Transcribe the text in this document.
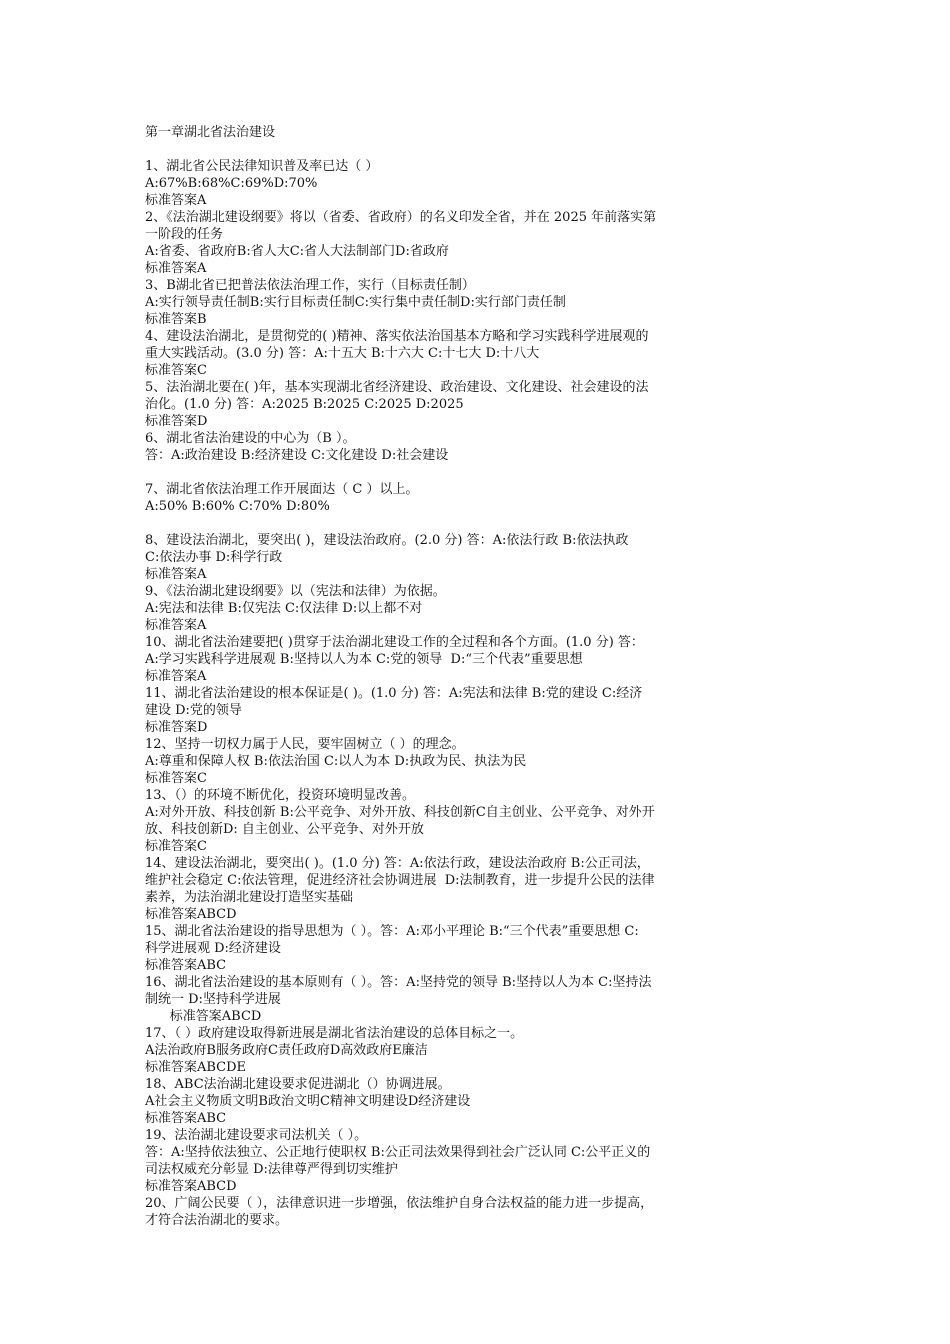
第一章湖北省法治建设
1、湖北省公民法律知识普及率已达（ ）
A:67%B:68%C:69%D:70%
标准答案A
2、《法治湖北建设纲要》将以（省委、省政府）的名义印发全省，并在 2025 年前落实第
一阶段的任务
A:省委、省政府B:省人大C:省人大法制部门D:省政府
标准答案A
3、B湖北省已把普法依法治理工作，实行（目标责任制）
A:实行领导责任制B:实行目标责任制C:实行集中责任制D:实行部门责任制
标准答案B
4、建设法治湖北，是贯彻党的( )精神、落实依法治国基本方略和学习实践科学进展观的
重大实践活动。(3.0 分) 答：A:十五大 B:十六大 C:十七大 D:十八大
标准答案C
5、法治湖北要在( )年，基本实现湖北省经济建设、政治建设、文化建设、社会建设的法
治化。(1.0 分) 答：A:2025 B:2025 C:2025 D:2025
标准答案D
6、湖北省法治建设的中心为（B ）。
答：A:政治建设 B:经济建设 C:文化建设 D:社会建设
7、湖北省依法治理工作开展面达（ C ）以上。
A:50% B:60% C:70% D:80%
8、建设法治湖北，要突出( )，建设法治政府。(2.0 分) 答：A:依法行政 B:依法执政
C:依法办事 D:科学行政
标准答案A
9、《法治湖北建设纲要》以（宪法和法律）为依据。
A:宪法和法律 B:仅宪法 C:仅法律 D:以上都不对
标准答案A
10、湖北省法治建要把( )贯穿于法治湖北建设工作的全过程和各个方面。(1.0 分) 答：
A:学习实践科学进展观 B:坚持以人为本 C:党的领导  D:“三个代表”重要思想
标准答案A
11、湖北省法治建设的根本保证是( )。(1.0 分) 答：A:宪法和法律 B:党的建设 C:经济
建设 D:党的领导
标准答案D
12、坚持一切权力属于人民，要牢固树立（ ）的理念。
A:尊重和保障人权 B:依法治国 C:以人为本 D:执政为民、执法为民
标准答案C
13、（）的环境不断优化，投资环境明显改善。
A:对外开放、科技创新 B:公平竞争、对外开放、科技创新C自主创业、公平竞争、对外开
放、科技创新D: 自主创业、公平竞争、对外开放
标准答案C
14、建设法治湖北，要突出( )。(1.0 分) 答：A:依法行政，建设法治政府 B:公正司法，
维护社会稳定 C:依法管理，促进经济社会协调进展  D:法制教育，进一步提升公民的法律
素养，为法治湖北建设打造坚实基础
标准答案ABCD
15、湖北省法治建设的指导思想为（ ）。答：A:邓小平理论 B:“三个代表”重要思想 C:
科学进展观 D:经济建设
标准答案ABC
16、湖北省法治建设的基本原则有（ ）。答：A:坚持党的领导 B:坚持以人为本 C:坚持法
制统一 D:坚持科学进展
标准答案ABCD
17、（ ）政府建设取得新进展是湖北省法治建设的总体目标之一。
A法治政府B服务政府C责任政府D高效政府E廉洁
标准答案ABCDE
18、ABC法治湖北建设要求促进湖北（）协调进展。
A社会主义物质文明B政治文明C精神文明建设D经济建设
标准答案ABC
19、法治湖北建设要求司法机关（ ）。
答：A:坚持依法独立、公正地行使职权 B:公正司法效果得到社会广泛认同 C:公平正义的
司法权威充分彰显 D:法律尊严得到切实维护
标准答案ABCD
20、广阔公民要（ ），法律意识进一步增强，依法维护自身合法权益的能力进一步提高，
才符合法治湖北的要求。
